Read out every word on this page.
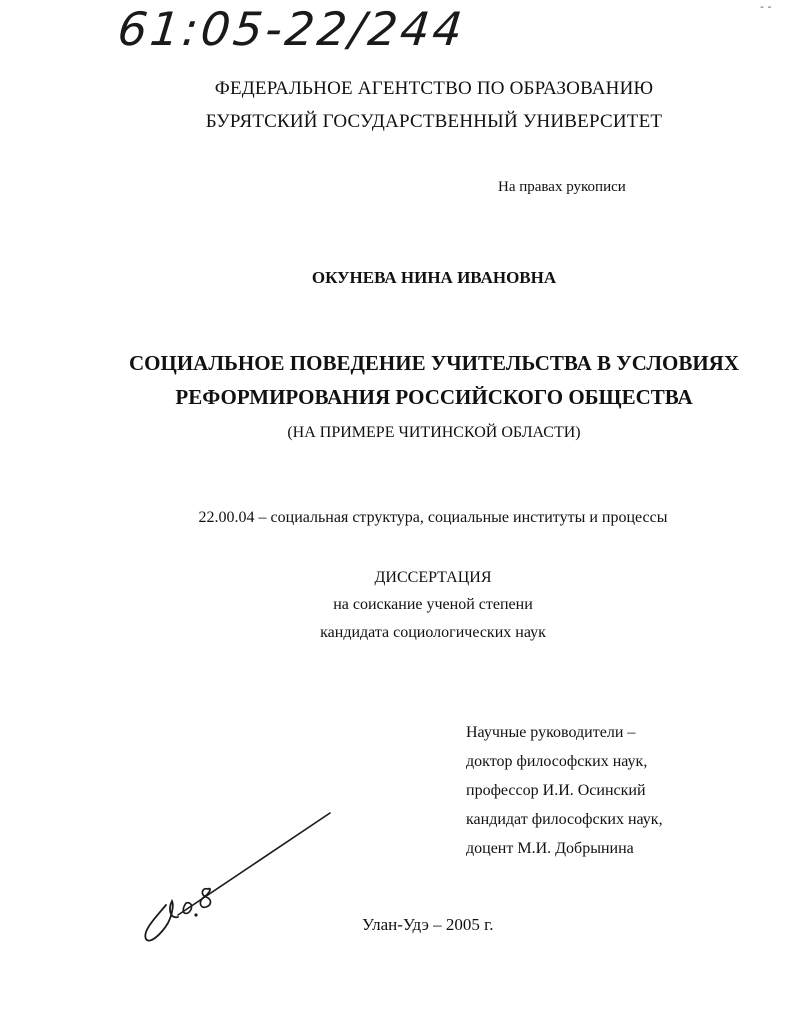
61:05-22/244	- -
ФЕДЕРАЛЬНОЕ АГЕНТСТВО ПО ОБРАЗОВАНИЮ
БУРЯТСКИЙ ГОСУДАРСТВЕННЫЙ УНИВЕРСИТЕТ
На правах рукописи
ОКУНЕВА НИНА ИВАНОВНА
СОЦИАЛЬНОЕ ПОВЕДЕНИЕ УЧИТЕЛЬСТВА В УСЛОВИЯХ
РЕФОРМИРОВАНИЯ РОССИЙСКОГО ОБЩЕСТВА
(НА ПРИМЕРЕ ЧИТИНСКОЙ ОБЛАСТИ)
22.00.04 – социальная структура, социальные институты и процессы
ДИССЕРТАЦИЯ
на соискание ученой степени
кандидата социологических наук
Научные руководители –
доктор философских наук,
профессор И.И. Осинский
кандидат философских наук,
доцент М.И. Добрынина
Улан-Удэ – 2005 г.
